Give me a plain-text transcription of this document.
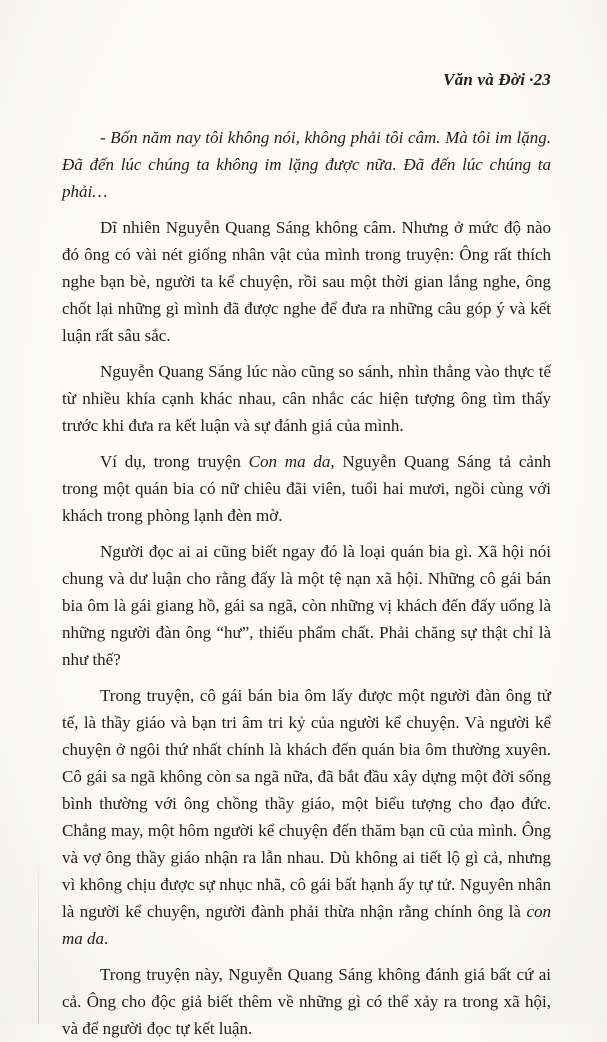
Văn và Đời ·23

- Bốn năm nay tôi không nói, không phải tôi câm. Mà tôi im lặng. Đã đến lúc chúng ta không im lặng được nữa. Đã đến lúc chúng ta phải…

Dĩ nhiên Nguyễn Quang Sáng không câm. Nhưng ở mức độ nào đó ông có vài nét giống nhân vật của mình trong truyện: Ông rất thích nghe bạn bè, người ta kể chuyện, rồi sau một thời gian lắng nghe, ông chốt lại những gì mình đã được nghe để đưa ra những câu góp ý và kết luận rất sâu sắc.

Nguyễn Quang Sáng lúc nào cũng so sánh, nhìn thẳng vào thực tế từ nhiều khía cạnh khác nhau, cân nhắc các hiện tượng ông tìm thấy trước khi đưa ra kết luận và sự đánh giá của mình.

Ví dụ, trong truyện Con ma da, Nguyễn Quang Sáng tả cảnh trong một quán bia có nữ chiêu đãi viên, tuổi hai mươi, ngồi cùng với khách trong phòng lạnh đèn mờ.

Người đọc ai ai cũng biết ngay đó là loại quán bia gì. Xã hội nói chung và dư luận cho rằng đấy là một tệ nạn xã hội. Những cô gái bán bia ôm là gái giang hồ, gái sa ngã, còn những vị khách đến đấy uống là những người đàn ông “hư”, thiếu phẩm chất. Phải chăng sự thật chỉ là như thế?

Trong truyện, cô gái bán bia ôm lấy được một người đàn ông tử tế, là thầy giáo và bạn tri âm tri kỷ của người kể chuyện. Và người kể chuyện ở ngôi thứ nhất chính là khách đến quán bia ôm thường xuyên. Cô gái sa ngã không còn sa ngã nữa, đã bắt đầu xây dựng một đời sống bình thường với ông chồng thầy giáo, một biểu tượng cho đạo đức. Chẳng may, một hôm người kể chuyện đến thăm bạn cũ của mình. Ông và vợ ông thầy giáo nhận ra lẫn nhau. Dù không ai tiết lộ gì cả, nhưng vì không chịu được sự nhục nhã, cô gái bất hạnh ấy tự tử. Nguyên nhân là người kể chuyện, người đành phải thừa nhận rằng chính ông là con ma da.

Trong truyện này, Nguyễn Quang Sáng không đánh giá bất cứ ai cả. Ông cho độc giả biết thêm về những gì có thể xảy ra trong xã hội, và để người đọc tự kết luận.
